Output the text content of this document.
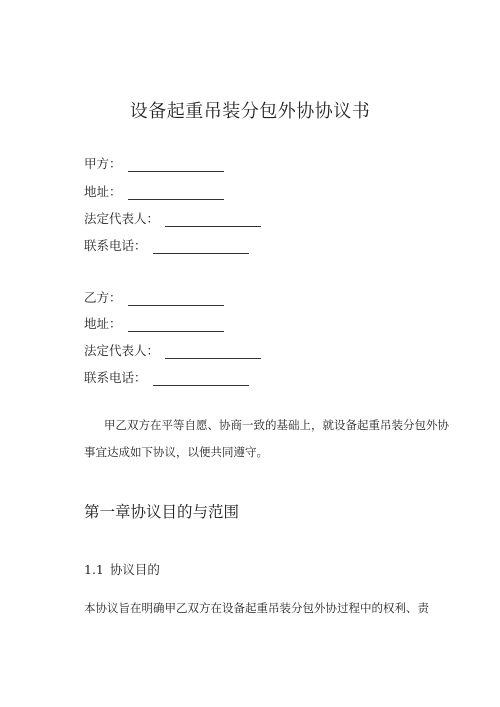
设备起重吊装分包外协协议书
甲方：
地址：
法定代表人：
联系电话：
乙方：
地址：
法定代表人：
联系电话：
甲乙双方在平等自愿、协商一致的基础上，就设备起重吊装分包外协
事宜达成如下协议，以便共同遵守。
第一章协议目的与范围
1.1 协议目的
本协议旨在明确甲乙双方在设备起重吊装分包外协过程中的权利、责
